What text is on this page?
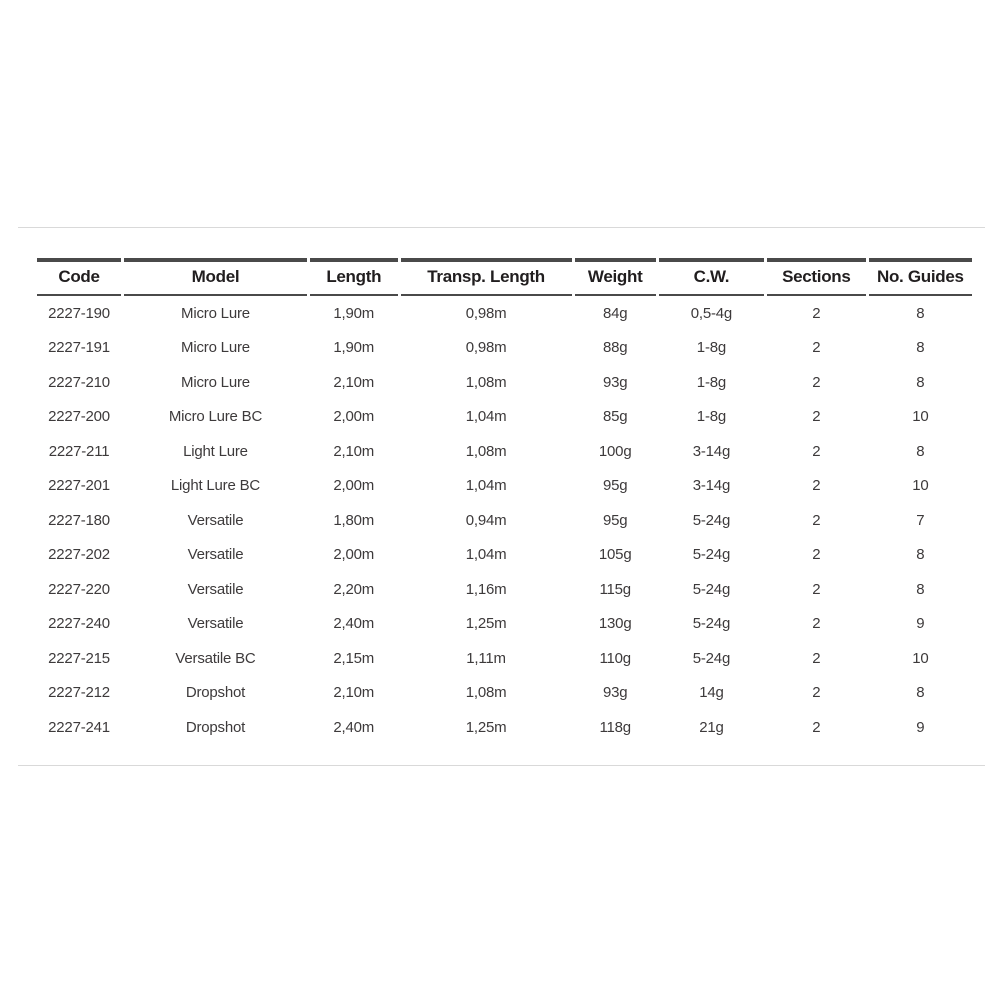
Code	Model	Length	Transp. Length	Weight	C.W.	Sections	No. Guides
2227-190	Micro Lure	1,90m	0,98m	84g	0,5-4g	2	8
2227-191	Micro Lure	1,90m	0,98m	88g	1-8g	2	8
2227-210	Micro Lure	2,10m	1,08m	93g	1-8g	2	8
2227-200	Micro Lure BC	2,00m	1,04m	85g	1-8g	2	10
2227-211	Light Lure	2,10m	1,08m	100g	3-14g	2	8
2227-201	Light Lure BC	2,00m	1,04m	95g	3-14g	2	10
2227-180	Versatile	1,80m	0,94m	95g	5-24g	2	7
2227-202	Versatile	2,00m	1,04m	105g	5-24g	2	8
2227-220	Versatile	2,20m	1,16m	115g	5-24g	2	8
2227-240	Versatile	2,40m	1,25m	130g	5-24g	2	9
2227-215	Versatile BC	2,15m	1,11m	110g	5-24g	2	10
2227-212	Dropshot	2,10m	1,08m	93g	14g	2	8
2227-241	Dropshot	2,40m	1,25m	118g	21g	2	9
